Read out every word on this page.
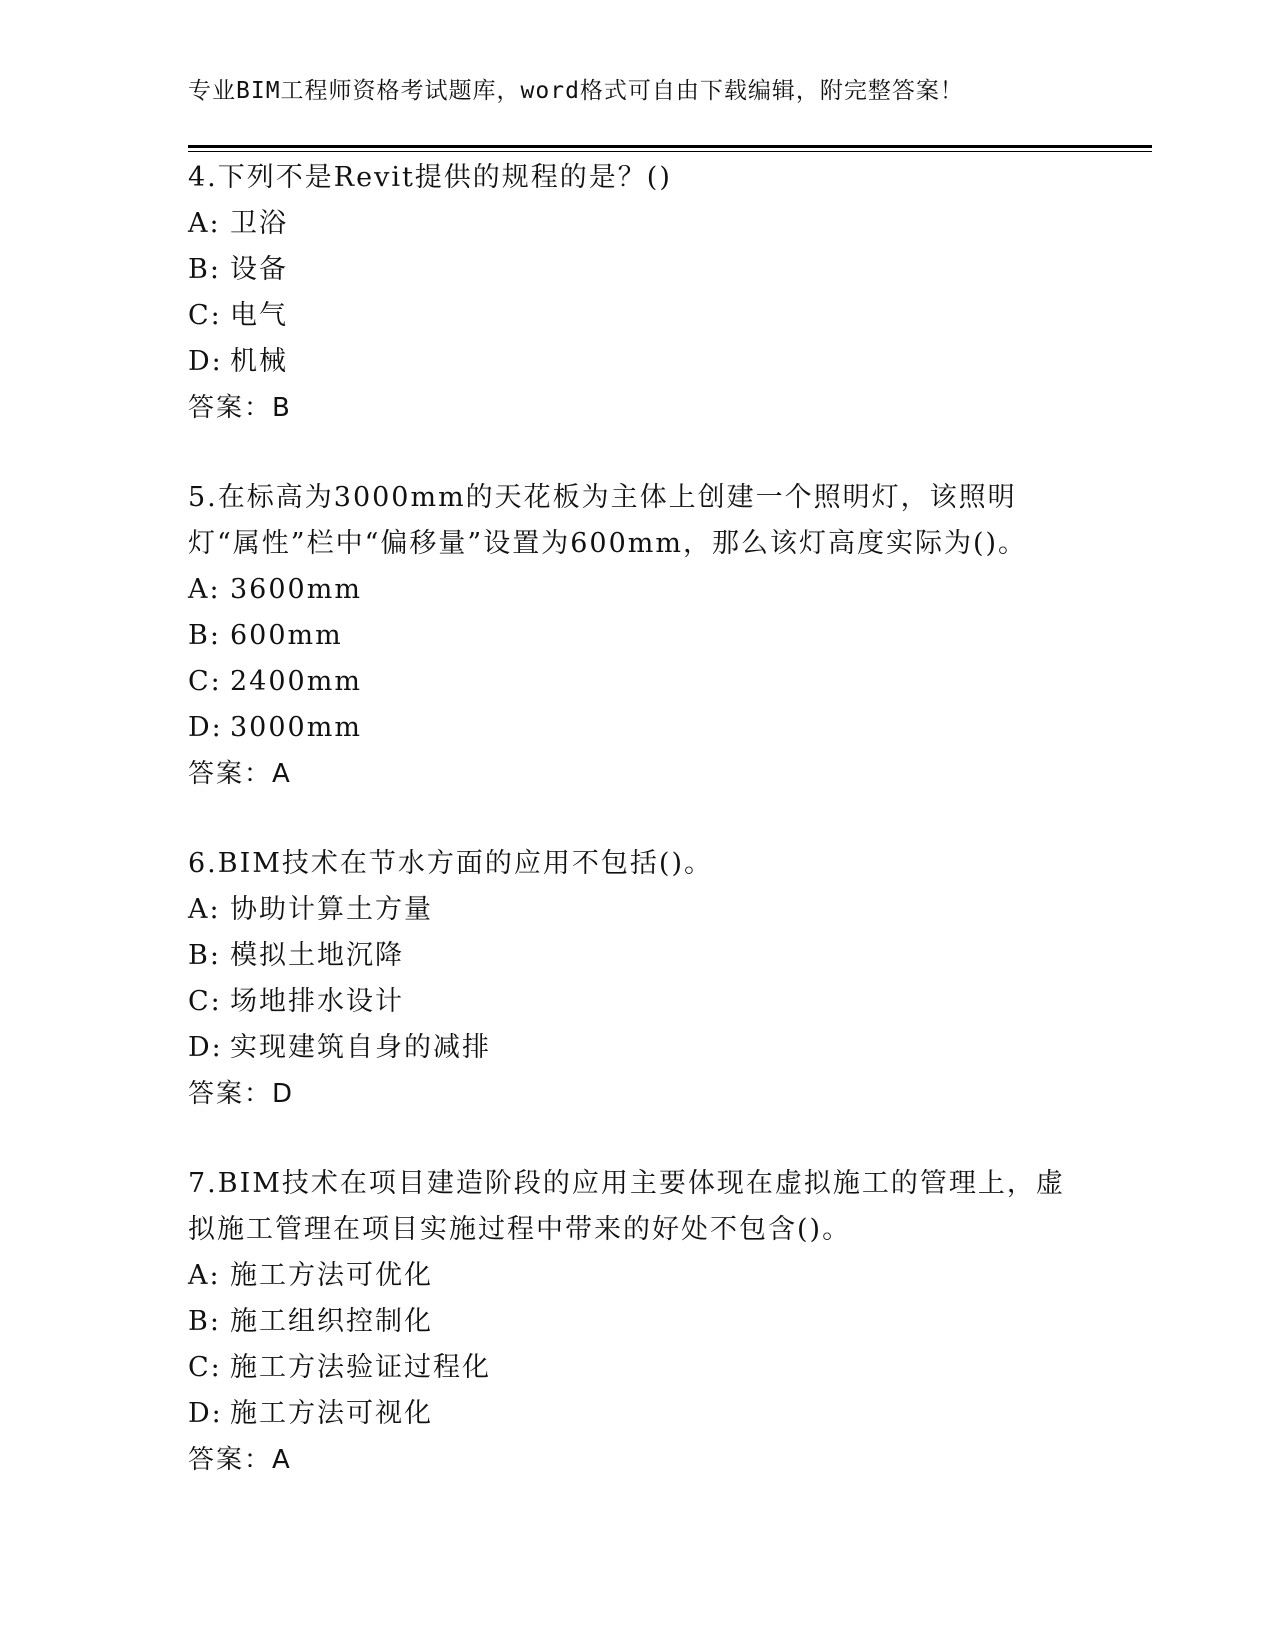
专业BIM工程师资格考试题库，word格式可自由下载编辑，附完整答案！

4.下列不是Revit提供的规程的是？()

A: 卫浴

B: 设备

C: 电气

D: 机械

答案：B

5.在标高为3000mm的天花板为主体上创建一个照明灯，该照明灯“属性”栏中“偏移量”设置为600mm，那么该灯高度实际为()。

A: 3600mm

B: 600mm

C: 2400mm

D: 3000mm

答案：A

6.BIM技术在节水方面的应用不包括()。

A: 协助计算土方量

B: 模拟土地沉降

C: 场地排水设计

D: 实现建筑自身的减排

答案：D

7.BIM技术在项目建造阶段的应用主要体现在虚拟施工的管理上，虚拟施工管理在项目实施过程中带来的好处不包含()。

A: 施工方法可优化

B: 施工组织控制化

C: 施工方法验证过程化

D: 施工方法可视化

答案：A
